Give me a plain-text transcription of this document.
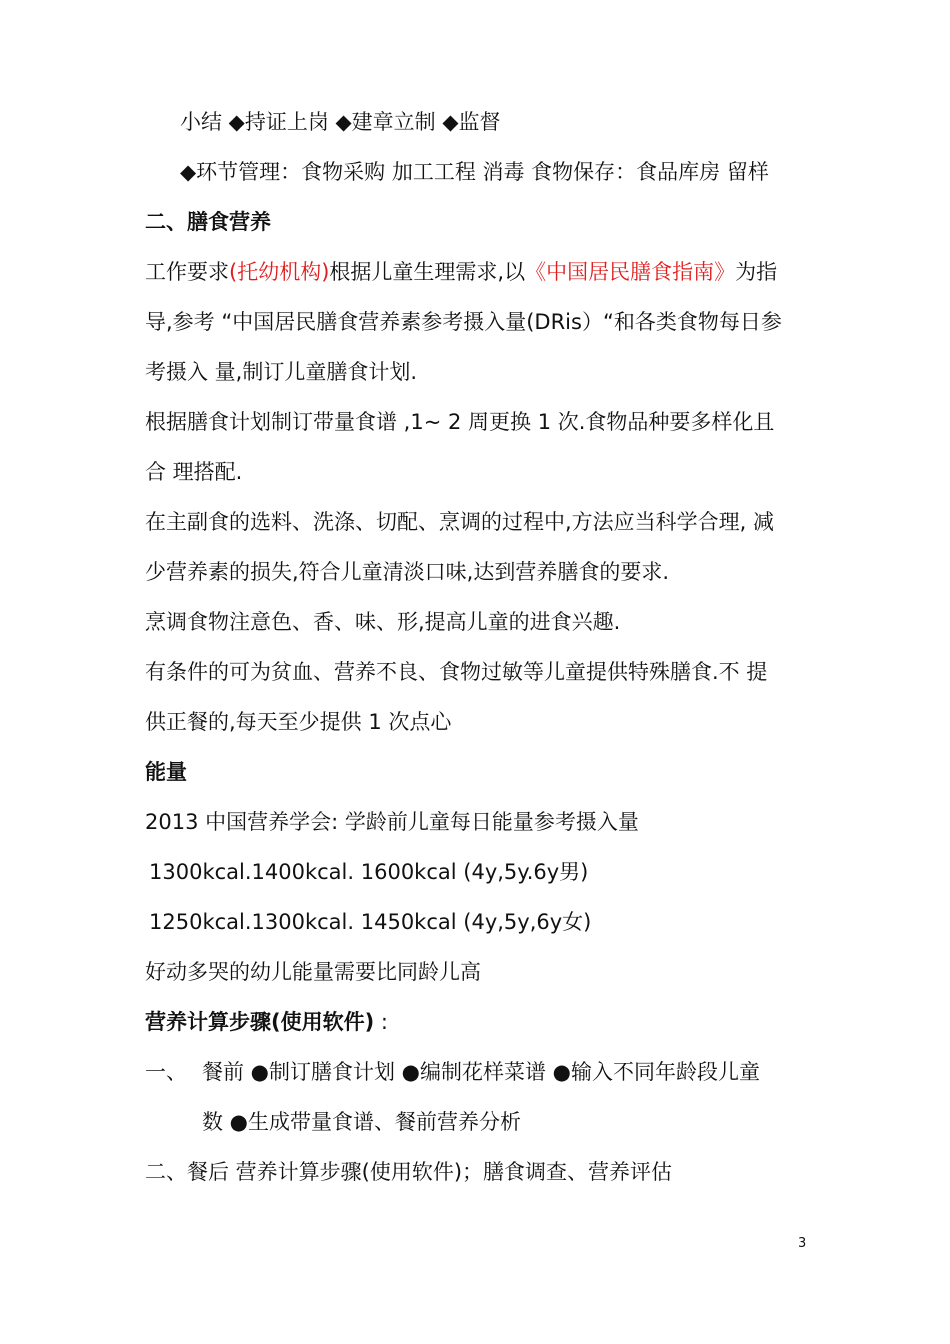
小结 ◆持证上岗 ◆建章立制 ◆监督
◆环节管理：食物采购 加工工程 消毒 食物保存：食品库房 留样
二、膳食营养
工作要求(托幼机构)根据儿童生理需求,以《中国居民膳食指南》为指
导,参考 “中国居民膳食营养素参考摄入量(DRis）“和各类食物每日参
考摄入 量,制订儿童膳食计划.
根据膳食计划制订带量食谱 ,1~ 2 周更换 1 次.食物品种要多样化且
合 理搭配.
在主副食的选料、洗涤、切配、烹调的过程中,方法应当科学合理, 减
少营养素的损失,符合儿童清淡口味,达到营养膳食的要求.
烹调食物注意色、香、味、形,提高儿童的进食兴趣.
有条件的可为贫血、营养不良、食物过敏等儿童提供特殊膳食.不 提
供正餐的,每天至少提供 1 次点心
能量
2013 中国营养学会: 学龄前儿童每日能量参考摄入量
1300kcal.1400kcal. 1600kcal (4y,5y.6y男)
1250kcal.1300kcal. 1450kcal (4y,5y,6y女)
好动多哭的幼儿能量需要比同龄儿高
营养计算步骤(使用软件) :
一、 餐前 ●制订膳食计划 ●编制花样菜谱 ●输入不同年龄段儿童
数 ●生成带量食谱、餐前营养分析
二、餐后 营养计算步骤(使用软件)；膳食调查、营养评估
3
